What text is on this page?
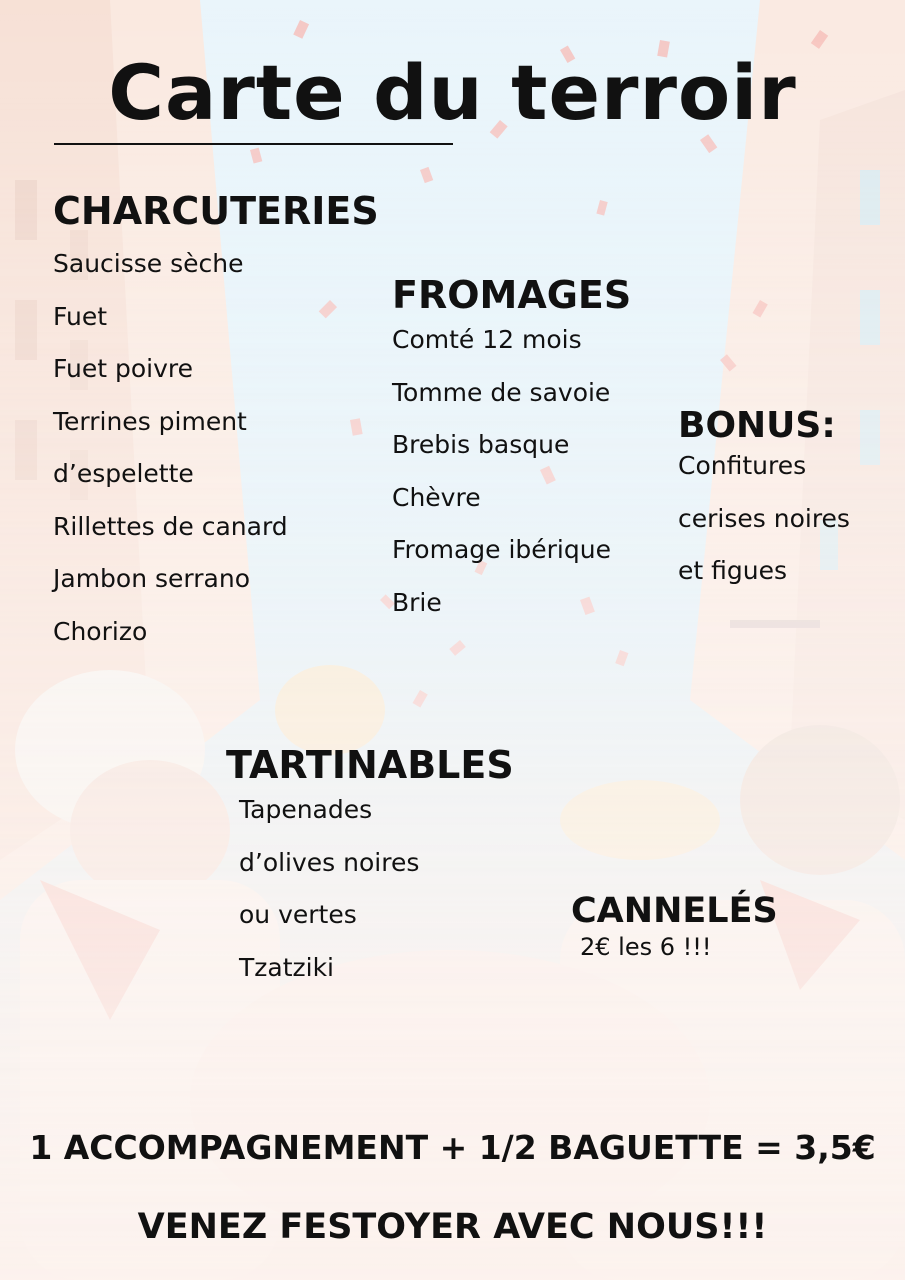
Carte du terroir
CHARCUTERIES
Saucisse sèche
Fuet
Fuet poivre
Terrines piment
d’espelette
Rillettes de canard
Jambon serrano
Chorizo
FROMAGES
Comté 12 mois
Tomme de savoie
Brebis basque
Chèvre
Fromage ibérique
Brie
BONUS:
Confitures
cerises noires
et figues
TARTINABLES
Tapenades
d’olives noires
ou vertes
Tzatziki
CANNELÉS
2€ les 6 !!!
1 ACCOMPAGNEMENT + 1/2 BAGUETTE = 3,5€
VENEZ FESTOYER AVEC NOUS!!!
